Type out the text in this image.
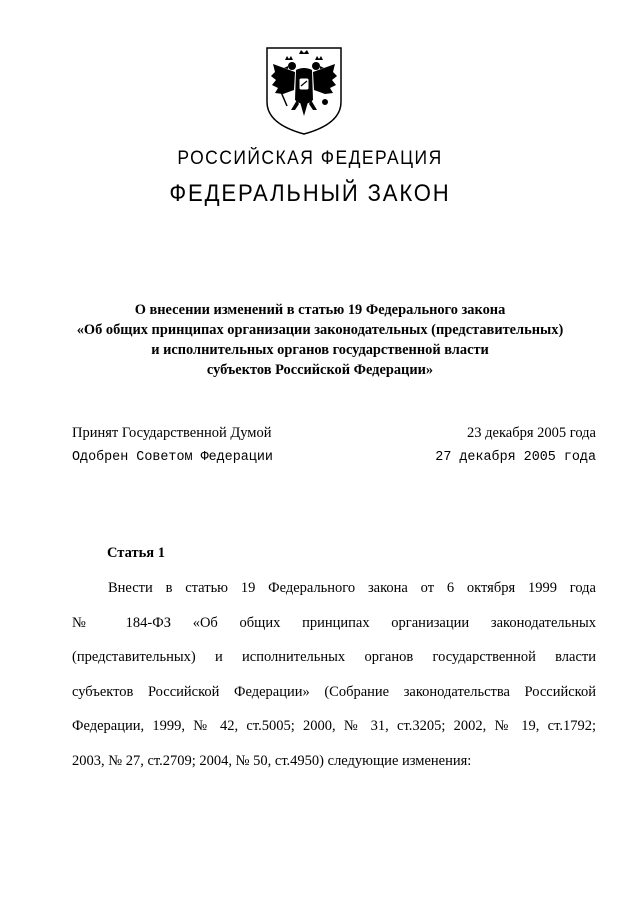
РОССИЙСКАЯ ФЕДЕРАЦИЯ
ФЕДЕРАЛЬНЫЙ ЗАКОН
О внесении изменений в статью 19 Федерального закона
«Об общих принципах организации законодательных (представительных)
и исполнительных органов государственной власти
субъектов Российской Федерации»
Принят Государственной Думой	23 декабря 2005 года
Одобрен Советом Федерации	27 декабря 2005 года
Статья 1
Внести в статью 19 Федерального закона от 6 октября 1999 года
№ 184-ФЗ «Об общих принципах организации законодательных
(представительных) и исполнительных органов государственной власти
субъектов Российской Федерации» (Собрание законодательства Российской
Федерации, 1999, № 42, ст.5005; 2000, № 31, ст.3205; 2002, № 19, ст.1792;
2003, № 27, ст.2709; 2004, № 50, ст.4950) следующие изменения:
